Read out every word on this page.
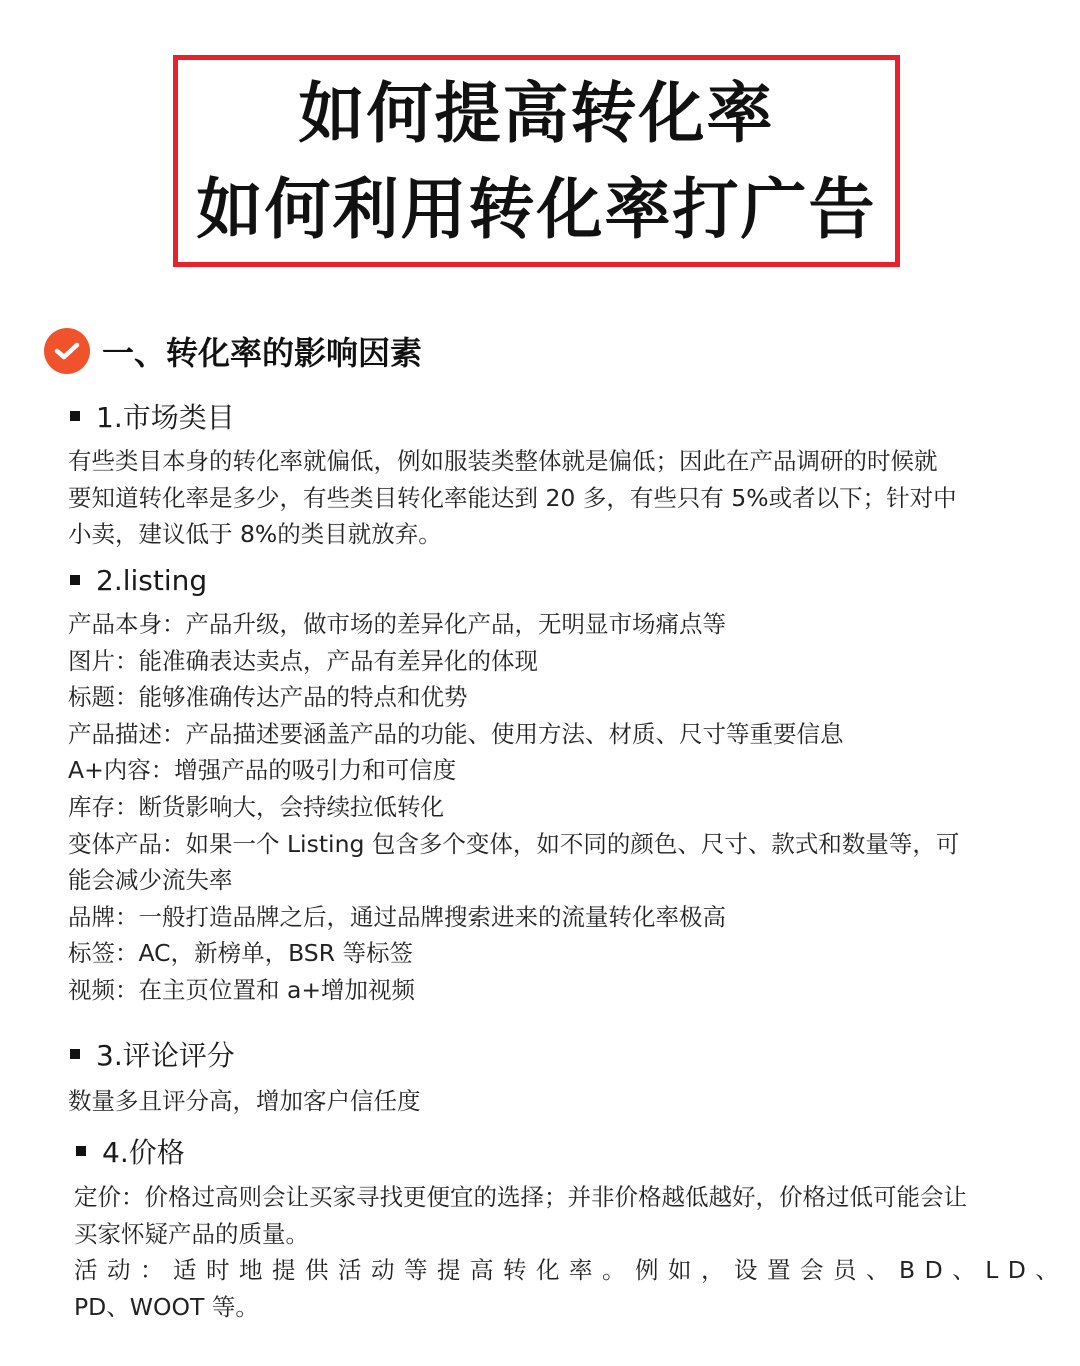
如何提高转化率
如何利用转化率打广告
一、转化率的影响因素
1.市场类目
有些类目本身的转化率就偏低，例如服装类整体就是偏低；因此在产品调研的时候就
要知道转化率是多少，有些类目转化率能达到 20 多，有些只有 5%或者以下；针对中
小卖，建议低于 8%的类目就放弃。
2.listing
产品本身：产品升级，做市场的差异化产品，无明显市场痛点等
图片：能准确表达卖点，产品有差异化的体现
标题：能够准确传达产品的特点和优势
产品描述：产品描述要涵盖产品的功能、使用方法、材质、尺寸等重要信息
A+内容：增强产品的吸引力和可信度
库存：断货影响大，会持续拉低转化
变体产品：如果一个 Listing 包含多个变体，如不同的颜色、尺寸、款式和数量等，可
能会减少流失率
品牌：一般打造品牌之后，通过品牌搜索进来的流量转化率极高
标签：AC，新榜单，BSR 等标签
视频：在主页位置和 a+增加视频
3.评论评分
数量多且评分高，增加客户信任度
4.价格
定价：价格过高则会让买家寻找更便宜的选择；并非价格越低越好，价格过低可能会让
买家怀疑产品的质量。
活动：适时地提供活动等提高转化率。例如，设置会员、BD、LD、
PD、WOOT 等。
